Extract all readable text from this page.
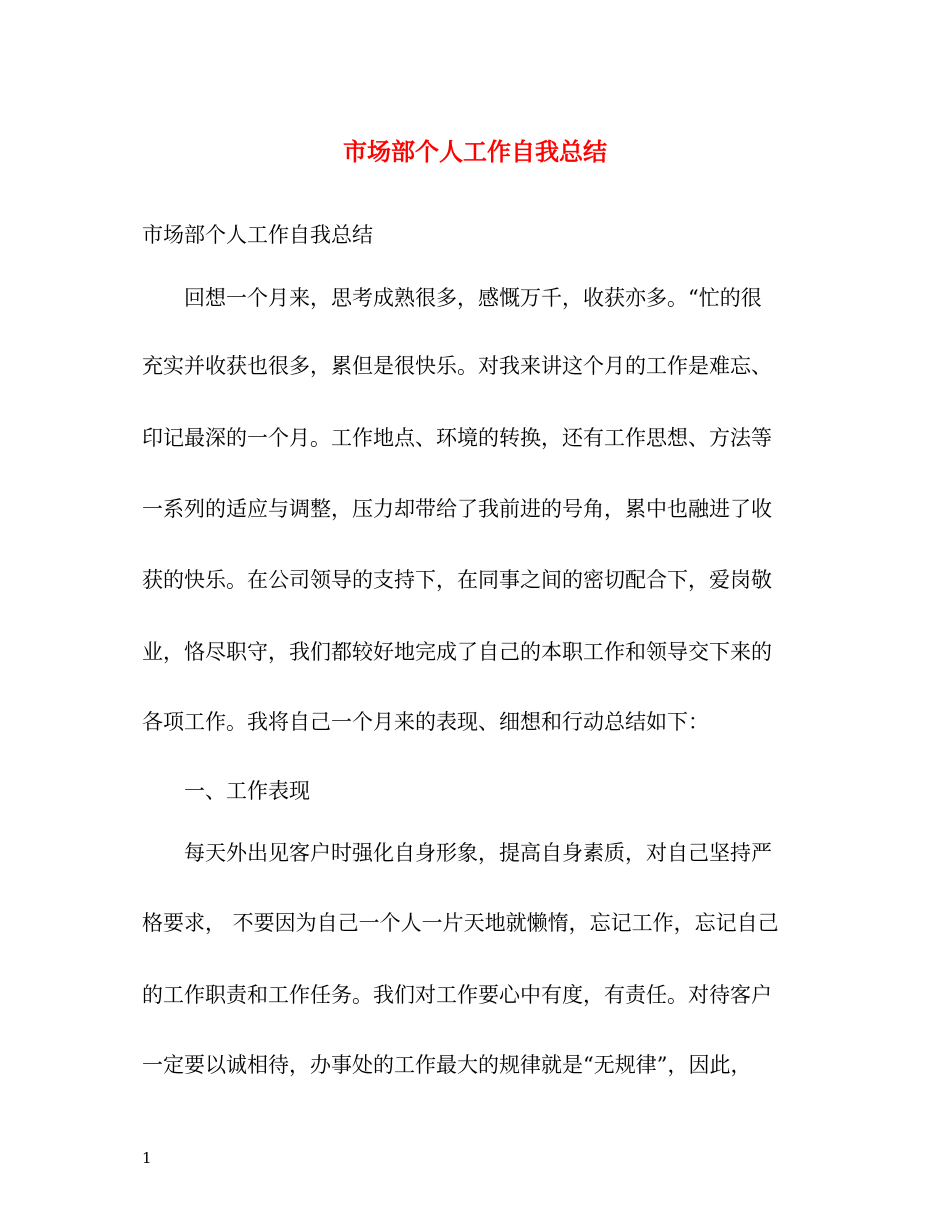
市场部个人工作自我总结
市场部个人工作自我总结
回想一个月来，思考成熟很多，感慨万千，收获亦多。“忙的很
充实并收获也很多，累但是很快乐。对我来讲这个月的工作是难忘、
印记最深的一个月。工作地点、环境的转换，还有工作思想、方法等
一系列的适应与调整，压力却带给了我前进的号角，累中也融进了收
获的快乐。在公司领导的支持下，在同事之间的密切配合下，爱岗敬
业，恪尽职守，我们都较好地完成了自己的本职工作和领导交下来的
各项工作。我将自己一个月来的表现、细想和行动总结如下：
一、工作表现
每天外出见客户时强化自身形象，提高自身素质，对自己坚持严
格要求， 不要因为自己一个人一片天地就懒惰，忘记工作，忘记自己
的工作职责和工作任务。我们对工作要心中有度，有责任。对待客户
一定要以诚相待，办事处的工作最大的规律就是“无规律”，因此，
1
